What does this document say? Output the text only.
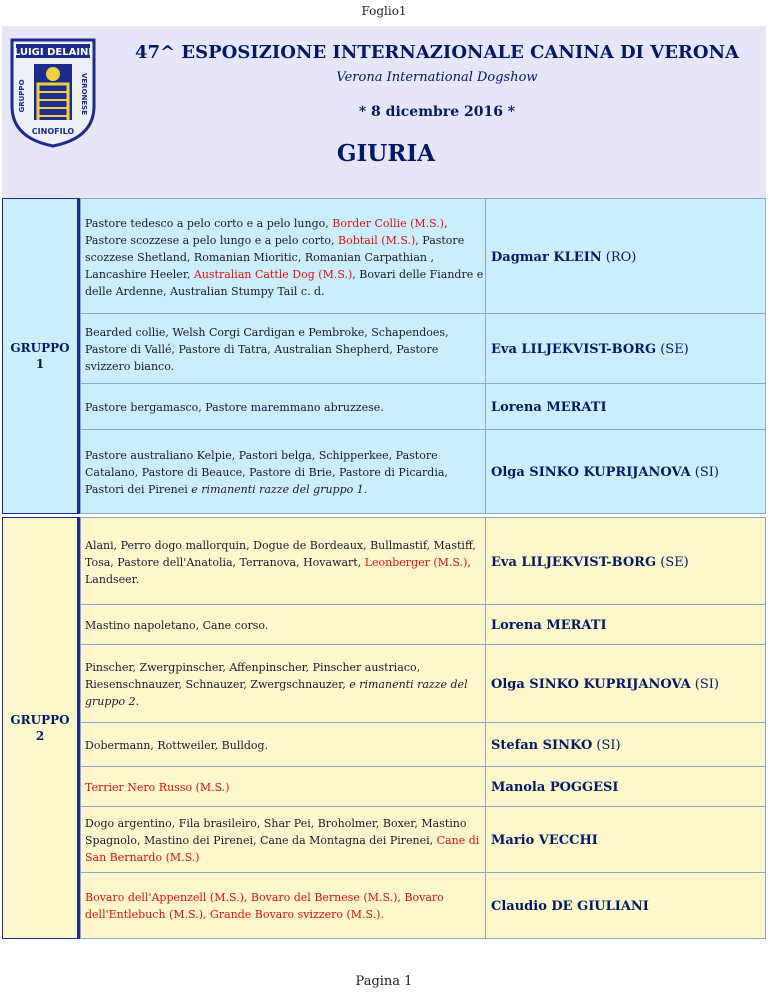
Foglio1
LUIGI DELAINI
GRUPPO	VERONESE
CINOFILO
47^ ESPOSIZIONE INTERNAZIONALE CANINA DI VERONA
Verona International Dogshow
* 8 dicembre 2016 *
GIURIA
GRUPPO
1
Pastore tedesco a pelo corto e a pelo lungo, Border Collie (M.S.), Pastore scozzese a pelo lungo e a pelo corto, Bobtail (M.S.), Pastore scozzese Shetland, Romanian Mioritic, Romanian Carpathian , Lancashire Heeler, Australian Cattle Dog (M.S.), Bovari delle Fiandre e delle Ardenne, Australian Stumpy Tail c. d.
Dagmar KLEIN (RO)
Bearded collie, Welsh Corgi Cardigan e Pembroke, Schapendoes, Pastore di Vallé, Pastore di Tatra, Australian Shepherd, Pastore svizzero bianco.
Eva LILJEKVIST-BORG (SE)
Pastore bergamasco, Pastore maremmano abruzzese.	Lorena MERATI
Pastore australiano Kelpie, Pastori belga, Schipperkee, Pastore Catalano, Pastore di Beauce, Pastore di Brie, Pastore di Picardia, Pastori dei Pirenei e rimanenti razze del gruppo 1.
Olga SINKO KUPRIJANOVA (SI)
GRUPPO
2
Alani, Perro dogo mallorquin, Dogue de Bordeaux, Bullmastif, Mastiff, Tosa, Pastore dell'Anatolia, Terranova, Hovawart, Leonberger (M.S.), Landseer.
Eva LILJEKVIST-BORG (SE)
Mastino napoletano, Cane corso.	Lorena MERATI
Pinscher, Zwergpinscher, Affenpinscher, Pinscher austriaco, Riesenschnauzer, Schnauzer, Zwergschnauzer, e rimanenti razze del gruppo 2.
Olga SINKO KUPRIJANOVA (SI)
Dobermann, Rottweiler, Bulldog.	Stefan SINKO (SI)
Terrier Nero Russo (M.S.)	Manola POGGESI
Dogo argentino, Fila brasileiro, Shar Pei, Broholmer, Boxer, Mastino Spagnolo, Mastino dei Pirenei, Cane da Montagna dei Pirenei, Cane di San Bernardo (M.S.)
Mario VECCHI
Bovaro dell'Appenzell (M.S.), Bovaro del Bernese (M.S.), Bovaro dell'Entlebuch (M.S.), Grande Bovaro svizzero (M.S.).
Claudio DE GIULIANI
Pagina 1
